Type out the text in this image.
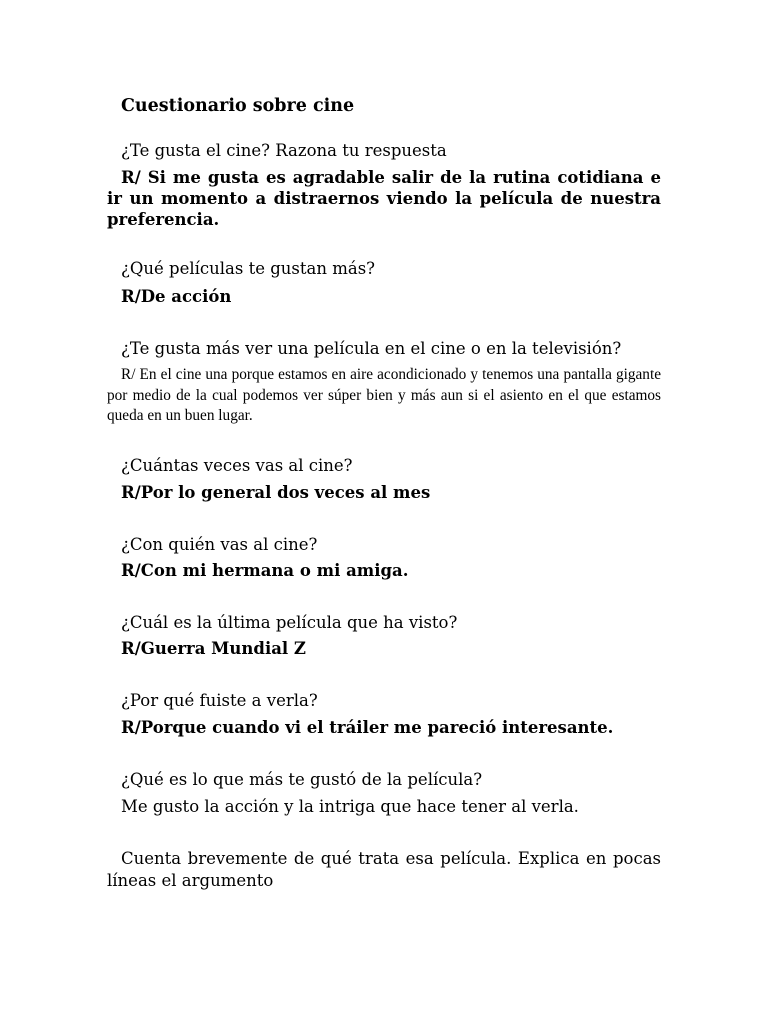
Cuestionario sobre cine

¿Te gusta el cine? Razona tu respuesta

R/ Si me gusta es agradable salir de la rutina cotidiana e ir un momento a distraernos viendo la película de nuestra preferencia.

¿Qué películas te gustan más?

R/De acción

¿Te gusta más ver una película en el cine o en la televisión?

R/ En el cine una porque estamos en aire acondicionado y tenemos una pantalla gigante por medio de la cual podemos ver súper bien y más aun si el asiento en el que estamos queda en un buen lugar.

¿Cuántas veces vas al cine?

R/Por lo general dos veces al mes

¿Con quién vas al cine?

R/Con mi hermana o mi amiga.

¿Cuál es la última película que ha visto?

R/Guerra Mundial Z

¿Por qué fuiste a verla?

R/Porque cuando vi el tráiler me pareció interesante.

¿Qué es lo que más te gustó de la película?

Me gusto la acción y la intriga que hace tener al verla.

Cuenta brevemente de qué trata esa película. Explica en pocas líneas el argumento
